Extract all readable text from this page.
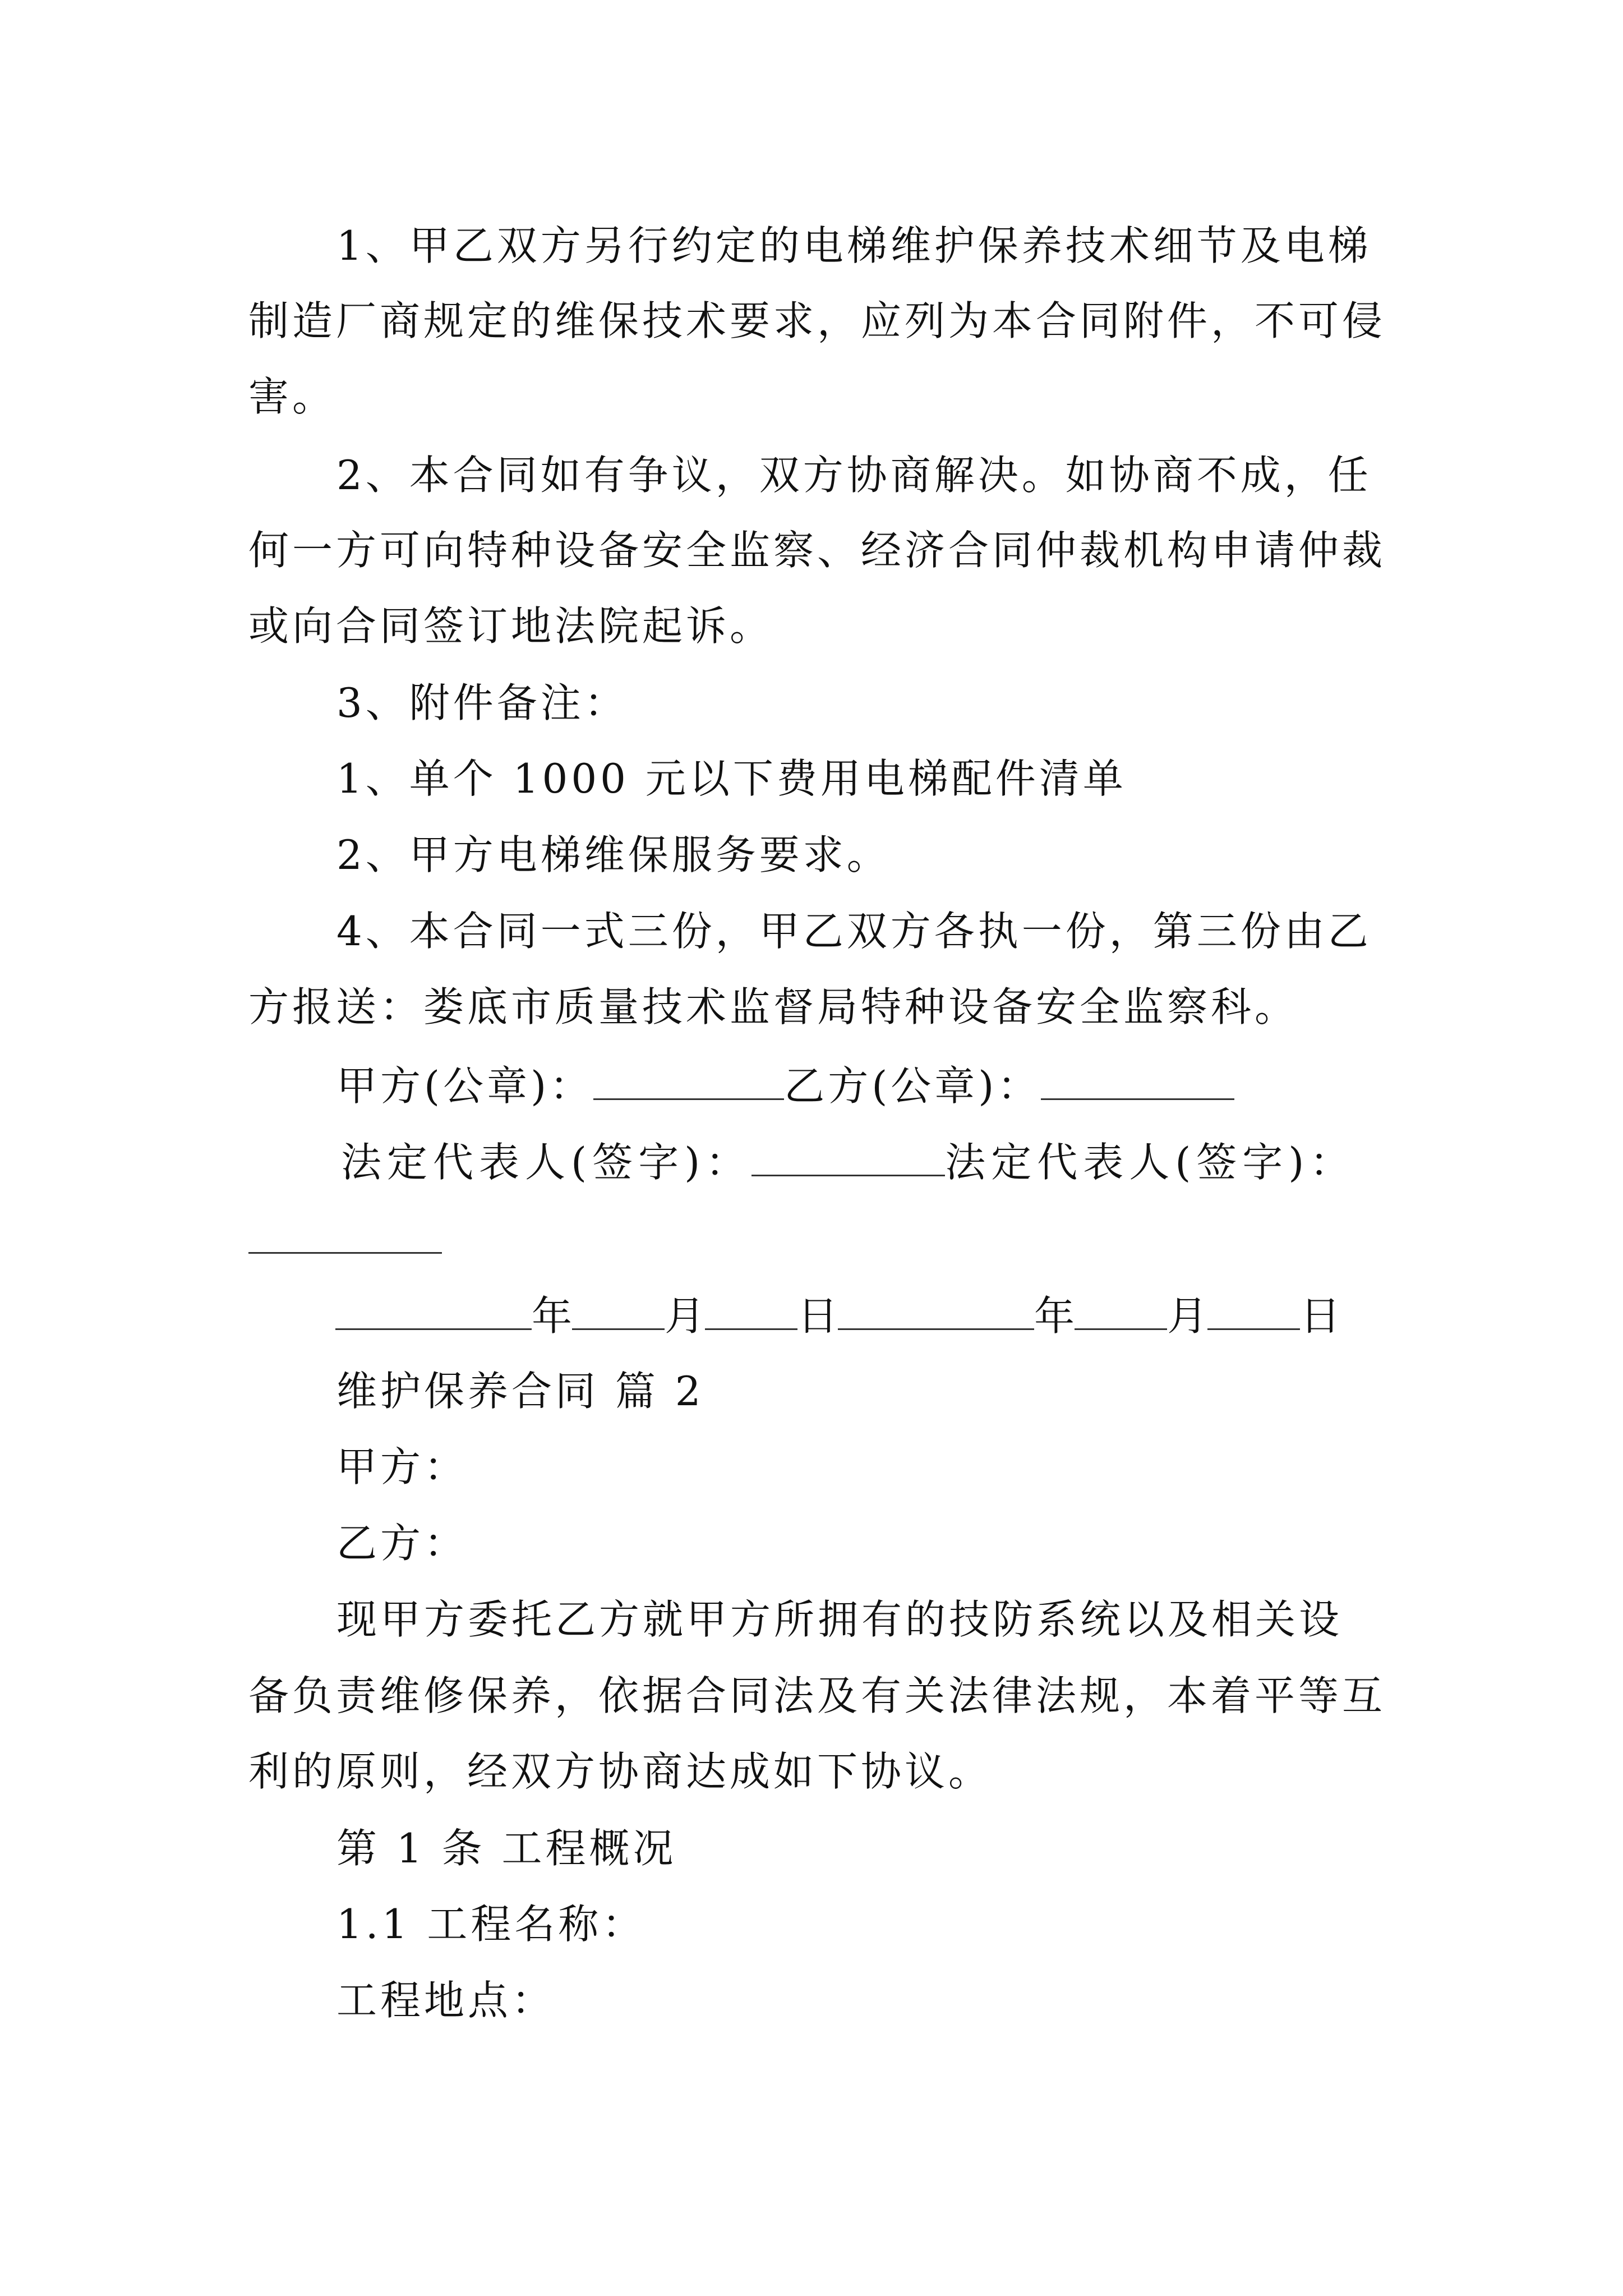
1、甲乙双方另行约定的电梯维护保养技术细节及电梯
制造厂商规定的维保技术要求，应列为本合同附件，不可侵
害。
2、本合同如有争议，双方协商解决。如协商不成，任
何一方可向特种设备安全监察、经济合同仲裁机构申请仲裁
或向合同签订地法院起诉。
3、附件备注：
1、单个 1000 元以下费用电梯配件清单
2、甲方电梯维保服务要求。
4、本合同一式三份，甲乙双方各执一份，第三份由乙
方报送：娄底市质量技术监督局特种设备安全监察科。
甲方(公章)：	乙方(公章)：
法定代表人(签字)：	法定代表人(签字)：
年 月 日	年 月 日
维护保养合同 篇 2
甲方：
乙方：
现甲方委托乙方就甲方所拥有的技防系统以及相关设
备负责维修保养，依据合同法及有关法律法规，本着平等互
利的原则，经双方协商达成如下协议。
第 1 条 工程概况
1.1 工程名称：
工程地点：
